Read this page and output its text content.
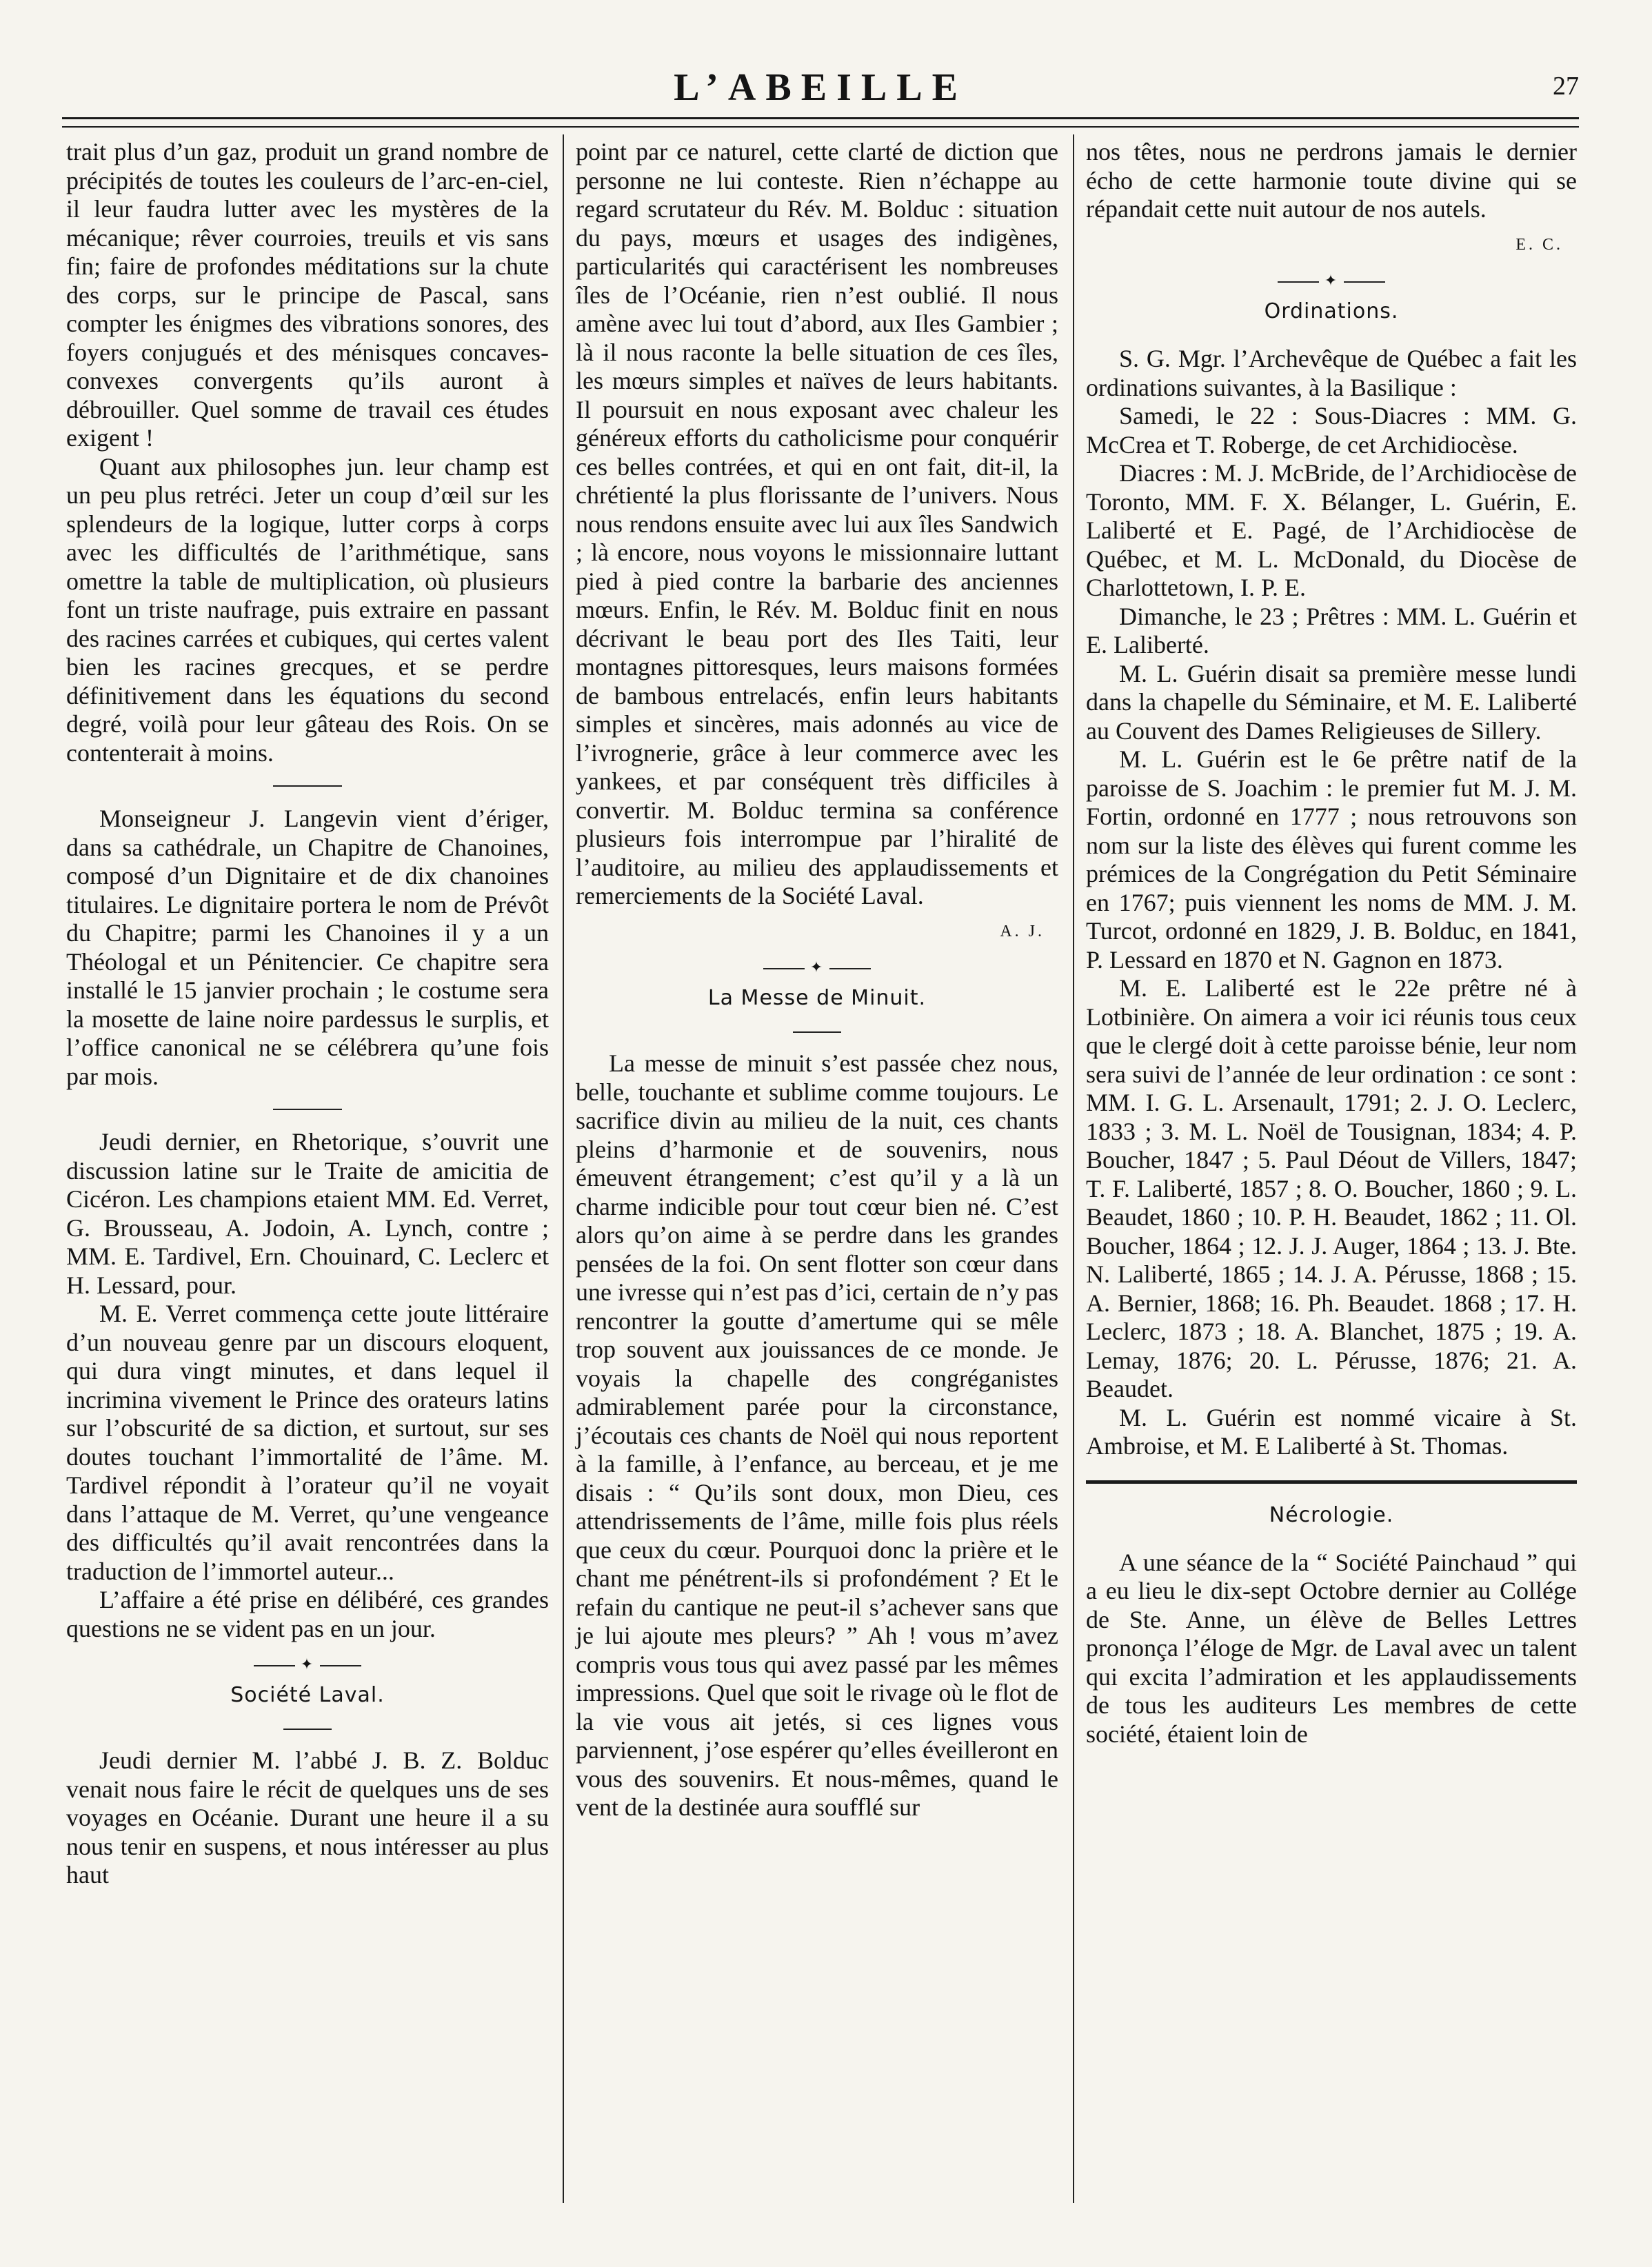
L’ABEILLE	27

trait plus d’un gaz, produit un grand nombre de précipités de toutes les couleurs de l’arc-en-ciel, il leur faudra lutter avec les mystères de la mécanique; rêver courroies, treuils et vis sans fin; faire de profondes méditations sur la chute des corps, sur le principe de Pascal, sans compter les énigmes des vibrations sonores, des foyers conjugués et des ménisques concaves-convexes convergents qu’ils auront à débrouiller. Quel somme de travail ces études exigent !

Quant aux philosophes jun. leur champ est un peu plus retréci. Jeter un coup d’œil sur les splendeurs de la logique, lutter corps à corps avec les difficultés de l’arithmétique, sans omettre la table de multiplication, où plusieurs font un triste naufrage, puis extraire en passant des racines carrées et cubiques, qui certes valent bien les racines grecques, et se perdre définitivement dans les équations du second degré, voilà pour leur gâteau des Rois. On se contenterait à moins.

Monseigneur J. Langevin vient d’ériger, dans sa cathédrale, un Chapitre de Chanoines, composé d’un Dignitaire et de dix chanoines titulaires. Le dignitaire portera le nom de Prévôt du Chapitre; parmi les Chanoines il y a un Théologal et un Pénitencier. Ce chapitre sera installé le 15 janvier prochain ; le costume sera la mosette de laine noire pardessus le surplis, et l’office canonical ne se célébrera qu’une fois par mois.

Jeudi dernier, en Rhetorique, s’ouvrit une discussion latine sur le Traite de amicitia de Cicéron. Les champions etaient MM. Ed. Verret, G. Brousseau, A. Jodoin, A. Lynch, contre ; MM. E. Tardivel, Ern. Chouinard, C. Leclerc et H. Lessard, pour.

M. E. Verret commença cette joute littéraire d’un nouveau genre par un discours eloquent, qui dura vingt minutes, et dans lequel il incrimina vivement le Prince des orateurs latins sur l’obscurité de sa diction, et surtout, sur ses doutes touchant l’immortalité de l’âme. M. Tardivel répondit à l’orateur qu’il ne voyait dans l’attaque de M. Verret, qu’une vengeance des difficultés qu’il avait rencontrées dans la traduction de l’immortel auteur...

L’affaire a été prise en délibéré, ces grandes questions ne se vident pas en un jour.

✦
Société Laval.

Jeudi dernier M. l’abbé J. B. Z. Bolduc venait nous faire le récit de quelques uns de ses voyages en Océanie. Durant une heure il a su nous tenir en suspens, et nous intéresser au plus haut

point par ce naturel, cette clarté de diction que personne ne lui conteste. Rien n’échappe au regard scrutateur du Rév. M. Bolduc : situation du pays, mœurs et usages des indigènes, particularités qui caractérisent les nombreuses îles de l’Océanie, rien n’est oublié. Il nous amène avec lui tout d’abord, aux Iles Gambier ; là il nous raconte la belle situation de ces îles, les mœurs simples et naïves de leurs habitants. Il poursuit en nous exposant avec chaleur les généreux efforts du catholicisme pour conquérir ces belles contrées, et qui en ont fait, dit-il, la chrétienté la plus florissante de l’univers. Nous nous rendons ensuite avec lui aux îles Sandwich ; là encore, nous voyons le missionnaire luttant pied à pied contre la barbarie des anciennes mœurs. Enfin, le Rév. M. Bolduc finit en nous décrivant le beau port des Iles Taiti, leur montagnes pittoresques, leurs maisons formées de bambous entrelacés, enfin leurs habitants simples et sincères, mais adonnés au vice de l’ivrognerie, grâce à leur commerce avec les yankees, et par conséquent très difficiles à convertir. M. Bolduc termina sa conférence plusieurs fois interrompue par l’hiralité de l’auditoire, au milieu des applaudissements et remerciements de la Société Laval.

A. J.
✦
La Messe de Minuit.

La messe de minuit s’est passée chez nous, belle, touchante et sublime comme toujours. Le sacrifice divin au milieu de la nuit, ces chants pleins d’harmonie et de souvenirs, nous émeuvent étrangement; c’est qu’il y a là un charme indicible pour tout cœur bien né. C’est alors qu’on aime à se perdre dans les grandes pensées de la foi. On sent flotter son cœur dans une ivresse qui n’est pas d’ici, certain de n’y pas rencontrer la goutte d’amertume qui se mêle trop souvent aux jouissances de ce monde. Je voyais la chapelle des congréganistes admirablement parée pour la circonstance, j’écoutais ces chants de Noël qui nous reportent à la famille, à l’enfance, au berceau, et je me disais : “ Qu’ils sont doux, mon Dieu, ces attendrissements de l’âme, mille fois plus réels que ceux du cœur. Pourquoi donc la prière et le chant me pénétrent-ils si profondément ? Et le refain du cantique ne peut-il s’achever sans que je lui ajoute mes pleurs? ” Ah ! vous m’avez compris vous tous qui avez passé par les mêmes impressions. Quel que soit le rivage où le flot de la vie vous ait jetés, si ces lignes vous parviennent, j’ose espérer qu’elles éveilleront en vous des souvenirs. Et nous-mêmes, quand le vent de la destinée aura soufflé sur

nos têtes, nous ne perdrons jamais le dernier écho de cette harmonie toute divine qui se répandait cette nuit autour de nos autels.

E. C.
✦
Ordinations.

S. G. Mgr. l’Archevêque de Québec a fait les ordinations suivantes, à la Basilique :

Samedi, le 22 : Sous-Diacres : MM. G. McCrea et T. Roberge, de cet Archidiocèse.

Diacres : M. J. McBride, de l’Archidiocèse de Toronto, MM. F. X. Bélanger, L. Guérin, E. Laliberté et E. Pagé, de l’Archidiocèse de Québec, et M. L. McDonald, du Diocèse de Charlottetown, I. P. E.

Dimanche, le 23 ; Prêtres : MM. L. Guérin et E. Laliberté.

M. L. Guérin disait sa première messe lundi dans la chapelle du Séminaire, et M. E. Laliberté au Couvent des Dames Religieuses de Sillery.

M. L. Guérin est le 6e prêtre natif de la paroisse de S. Joachim : le premier fut M. J. M. Fortin, ordonné en 1777 ; nous retrouvons son nom sur la liste des élèves qui furent comme les prémices de la Congrégation du Petit Séminaire en 1767; puis viennent les noms de MM. J. M. Turcot, ordonné en 1829, J. B. Bolduc, en 1841, P. Lessard en 1870 et N. Gagnon en 1873.

M. E. Laliberté est le 22e prêtre né à Lotbinière. On aimera a voir ici réunis tous ceux que le clergé doit à cette paroisse bénie, leur nom sera suivi de l’année de leur ordination : ce sont : MM. I. G. L. Arsenault, 1791; 2. J. O. Leclerc, 1833 ; 3. M. L. Noël de Tousignan, 1834; 4. P. Boucher, 1847 ; 5. Paul Déout de Villers, 1847; T. F. Laliberté, 1857 ; 8. O. Boucher, 1860 ; 9. L. Beaudet, 1860 ; 10. P. H. Beaudet, 1862 ; 11. Ol. Boucher, 1864 ; 12. J. J. Auger, 1864 ; 13. J. Bte. N. Laliberté, 1865 ; 14. J. A. Pérusse, 1868 ; 15. A. Bernier, 1868; 16. Ph. Beaudet. 1868 ; 17. H. Leclerc, 1873 ; 18. A. Blanchet, 1875 ; 19. A. Lemay, 1876; 20. L. Pérusse, 1876; 21. A. Beaudet.

M. L. Guérin est nommé vicaire à St. Ambroise, et M. E Laliberté à St. Thomas.

Nécrologie.

A une séance de la “ Société Painchaud ” qui a eu lieu le dix-sept Octobre dernier au Collége de Ste. Anne, un élève de Belles Lettres prononça l’éloge de Mgr. de Laval avec un talent qui excita l’admiration et les applaudissements de tous les auditeurs Les membres de cette société, étaient loin de
